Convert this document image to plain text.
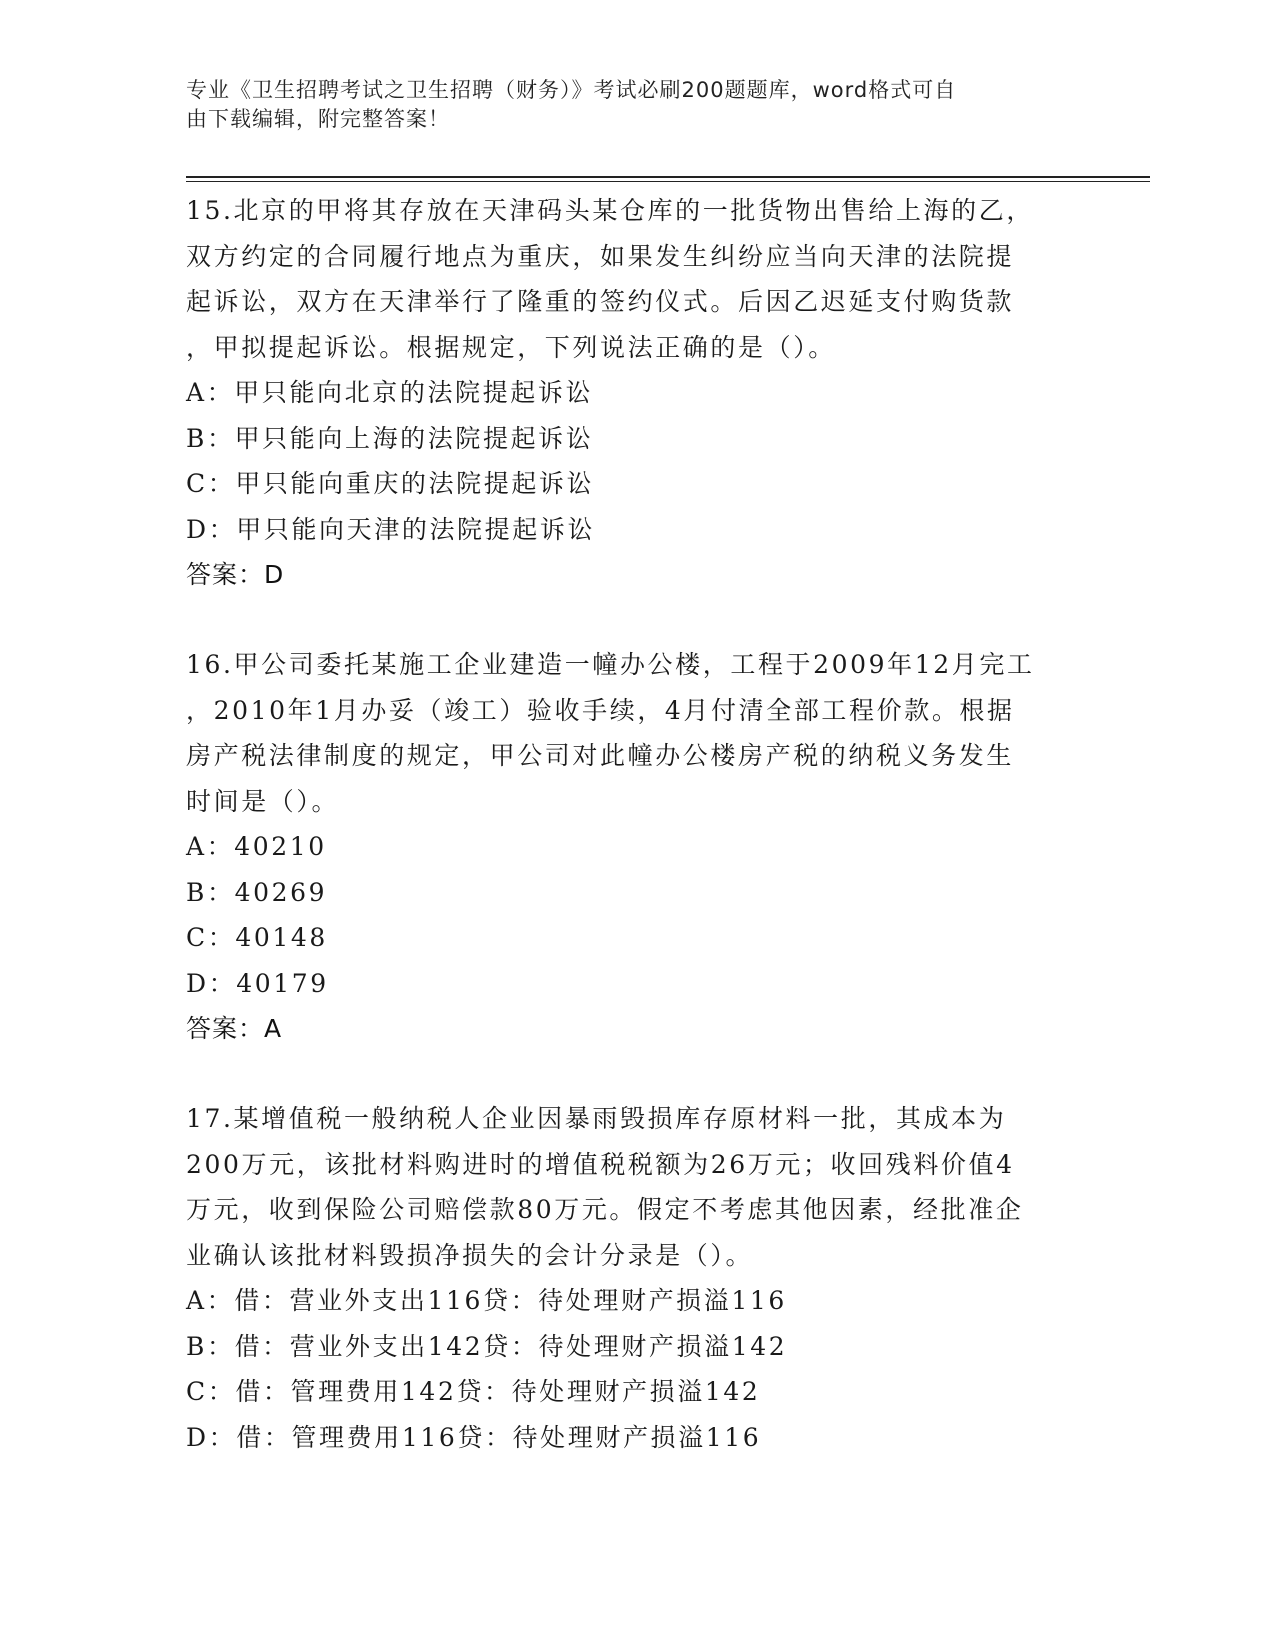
专业《卫生招聘考试之卫生招聘（财务）》考试必刷200题题库，word格式可自
由下载编辑，附完整答案！
15.北京的甲将其存放在天津码头某仓库的一批货物出售给上海的乙，
双方约定的合同履行地点为重庆，如果发生纠纷应当向天津的法院提
起诉讼，双方在天津举行了隆重的签约仪式。后因乙迟延支付购货款
，甲拟提起诉讼。根据规定，下列说法正确的是（）。
A：甲只能向北京的法院提起诉讼
B：甲只能向上海的法院提起诉讼
C：甲只能向重庆的法院提起诉讼
D：甲只能向天津的法院提起诉讼
答案：D
16.甲公司委托某施工企业建造一幢办公楼，工程于2009年12月完工
，2010年1月办妥（竣工）验收手续，4月付清全部工程价款。根据
房产税法律制度的规定，甲公司对此幢办公楼房产税的纳税义务发生
时间是（）。
A：40210
B：40269
C：40148
D：40179
答案：A
17.某增值税一般纳税人企业因暴雨毁损库存原材料一批，其成本为
200万元，该批材料购进时的增值税税额为26万元；收回残料价值4
万元，收到保险公司赔偿款80万元。假定不考虑其他因素，经批准企
业确认该批材料毁损净损失的会计分录是（）。
A：借：营业外支出116贷：待处理财产损溢116
B：借：营业外支出142贷：待处理财产损溢142
C：借：管理费用142贷：待处理财产损溢142
D：借：管理费用116贷：待处理财产损溢116
